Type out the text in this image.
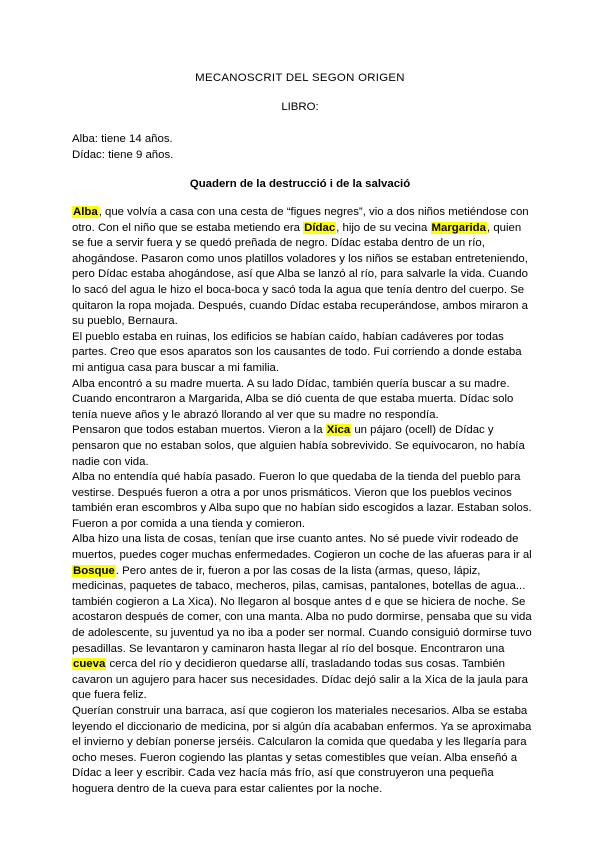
MECANOSCRIT DEL SEGON ORIGEN
LIBRO:
Alba: tiene 14 años.
Dídac: tiene 9 años.
Quadern de la destrucció i de la salvació

Alba, que volvía a casa con una cesta de “figues negres”, vio a dos niños metiéndose con otro. Con el niño que se estaba metiendo era Dídac, hijo de su vecina Margarida, quien se fue a servir fuera y se quedó preñada de negro. Dídac estaba dentro de un río, ahogándose. Pasaron como unos platillos voladores y los niños se estaban entreteniendo, pero Dídac estaba ahogándose, así que Alba se lanzó al río, para salvarle la vida. Cuando lo sacó del agua le hizo el boca-boca y sacó toda la agua que tenía dentro del cuerpo. Se quitaron la ropa mojada. Después, cuando Dídac estaba recuperándose, ambos miraron a su pueblo, Bernaura.

El pueblo estaba en ruinas, los edificios se habían caído, habían cadáveres por todas partes. Creo que esos aparatos son los causantes de todo. Fui corriendo a donde estaba mi antigua casa para buscar a mi familia.

Alba encontró a su madre muerta. A su lado Dídac, también quería buscar a su madre. Cuando encontraron a Margarida, Alba se dió cuenta de que estaba muerta. Dídac solo tenía nueve años y le abrazó llorando al ver que su madre no respondía.

Pensaron que todos estaban muertos. Vieron a la Xica un pájaro (ocell) de Dídac y pensaron que no estaban solos, que alguien había sobrevivido. Se equivocaron, no había nadie con vida.

Alba no entendía qué había pasado. Fueron lo que quedaba de la tienda del pueblo para vestirse. Después fueron a otra a por unos prismáticos. Vieron que los pueblos vecinos también eran escombros y Alba supo que no habían sido escogidos a lazar. Estaban solos. Fueron a por comida a una tienda y comieron.

Alba hizo una lista de cosas, tenían que irse cuanto antes. No sé puede vivir rodeado de muertos, puedes coger muchas enfermedades. Cogieron un coche de las afueras para ir al Bosque. Pero antes de ir, fueron a por las cosas de la lista (armas, queso, lápiz, medicinas, paquetes de tabaco, mecheros, pilas, camisas, pantalones, botellas de agua... también cogieron a La Xica). No llegaron al bosque antes d e que se hiciera de noche. Se acostaron después de comer, con una manta. Alba no pudo dormirse, pensaba que su vida de adolescente, su juventud ya no iba a poder ser normal. Cuando consiguió dormirse tuvo pesadillas. Se levantaron y caminaron hasta llegar al río del bosque. Encontraron una cueva cerca del río y decidieron quedarse allí, trasladando todas sus cosas. También cavaron un agujero para hacer sus necesidades. Dídac dejó salir a la Xica de la jaula para que fuera feliz.

Querían construir una barraca, así que cogieron los materiales necesarios. Alba se estaba leyendo el diccionario de medicina, por si algún día acababan enfermos. Ya se aproximaba el invierno y debían ponerse jerséis. Calcularon la comida que quedaba y les llegaría para ocho meses. Fueron cogiendo las plantas y setas comestibles que veían. Alba enseñó a Dídac a leer y escribir. Cada vez hacía más frío, así que construyeron una pequeña hoguera dentro de la cueva para estar calientes por la noche.
